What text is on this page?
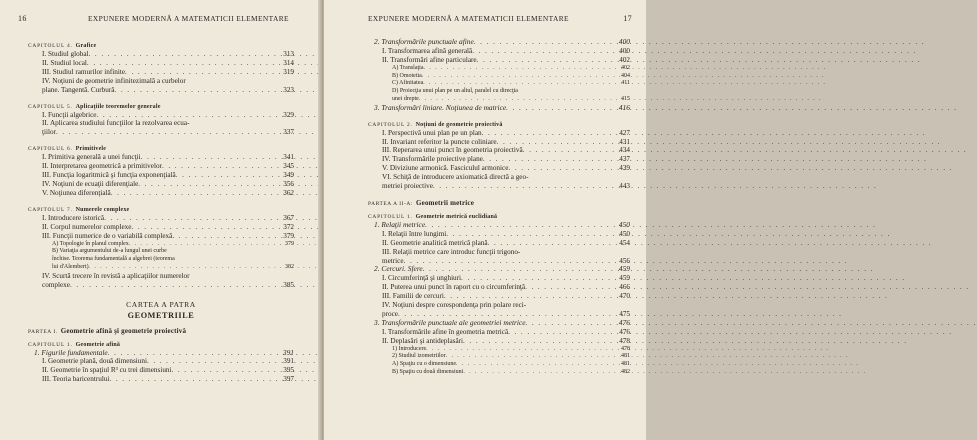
16	EXPUNERE MODERNĂ A MATEMATICII ELEMENTARE
CAPITOLUL 4. Grafice
I. Studiul global . . .	313
II. Studiul local . . .	314
III. Studiul ramurilor infinite . . .	319
IV. Noţiuni de geometrie infinitezimală a curbelor
plane. Tangentă. Curbură . . .	323
CAPITOLUL 5. Aplicaţiile teoremelor generale
I. Funcţii algebrice . . .	329
II. Aplicarea studiului funcţiilor la rezolvarea ecua-
ţiilor . . .	337
CAPITOLUL 6. Primitivele
I. Primitiva generală a unei funcţii . . .	341
II. Interpretarea geometrică a primitivelor . . .	345
III. Funcţia logaritmică şi funcţia exponenţială . . .	349
IV. Noţiuni de ecuaţii diferenţiale . . .	356
V. Noţiunea diferenţială . . .	362
CAPITOLUL 7. Numerele complexe
I. Introducere istorică . . .	367
II. Corpul numerelor complexe . . .	372
III. Funcţii numerice de o variabilă complexă . . .	379
A) Topologie în planul complex . . .	379
B) Variaţia argumentului de-a lungul unei curbe
închise. Teorema fundamentală a algebrei (teorema
lui d'Alembert) . . .	382
IV. Scurtă trecere în revistă a aplicaţiilor numerelor
complexe . . .	385
CARTEA A PATRA
GEOMETRIILE
PARTEA I. Geometrie afină şi geometrie proiectivă
CAPITOLUL 1. Geometrie afină
1. Figurile fundamentale . . .	391
I. Geometrie plană, două dimensiuni . . .	391
II. Geometrie în spaţiul R³ cu trei dimensiuni . . .	395
III. Teoria baricentrului . . .	397
EXPUNERE MODERNĂ A MATEMATICII ELEMENTARE	17
2. Transformările punctuale afine . . .	400
I. Transformarea afină generală . . .	400
II. Transformări afine particulare . . .	402
A) Translaţia . . .	402
B) Omotetia . . .	404
C) Afinitatea . . .	411
D) Proiecţia unui plan pe un altul, paralel cu direcţia
unei drepte . . .	415
3. Transformări liniare. Noţiunea de matrice . . .	416
CAPITOLUL 2. Noţiuni de geometrie proiectivă
I. Perspectivă unui plan pe un plan . . .	427
II. Invariant referitor la puncte coliniare . . .	431
III. Reperarea unui punct în geometria proiectivă . . .	434
IV. Transformările proiective plane . . .	437
V. Diviziune armonică. Fasciculul armonice . . .	439
VI. Schiţă de introducere axiomatică directă a geo-
metriei proiective . . .	443
PARTEA A II-A: Geometrii metrice
CAPITOLUL 1. Geometrie metrică euclidiană
1. Relaţii metrice . . .	450
I. Relaţii între lungimi . . .	450
II. Geometrie analitică metrică plană . . .	454
III. Relaţii metrice care introduc funcţii trigono-
metrice . . .	456
2. Cercuri. Sfere . . .	459
I. Circumferinţă şi unghiuri . . .	459
II. Puterea unui punct în raport cu o circumferinţă . . .	466
III. Familii de cercuri . . .	470
IV. Noţiuni despre corespondenţa prin polare reci-
proce . . .	475
3. Transformările punctuale ale geometriei metrice . . .	476
I. Transformările afine în geometria metrică . . .	476
II. Deplasări şi antideplasări . . .	478
1) Introducere . . .	478
2) Studiul izometriilor . . .	481
A) Spaţiu cu o dimensiune . . .	481
B) Spaţiu cu două dimensiuni . . .	482
